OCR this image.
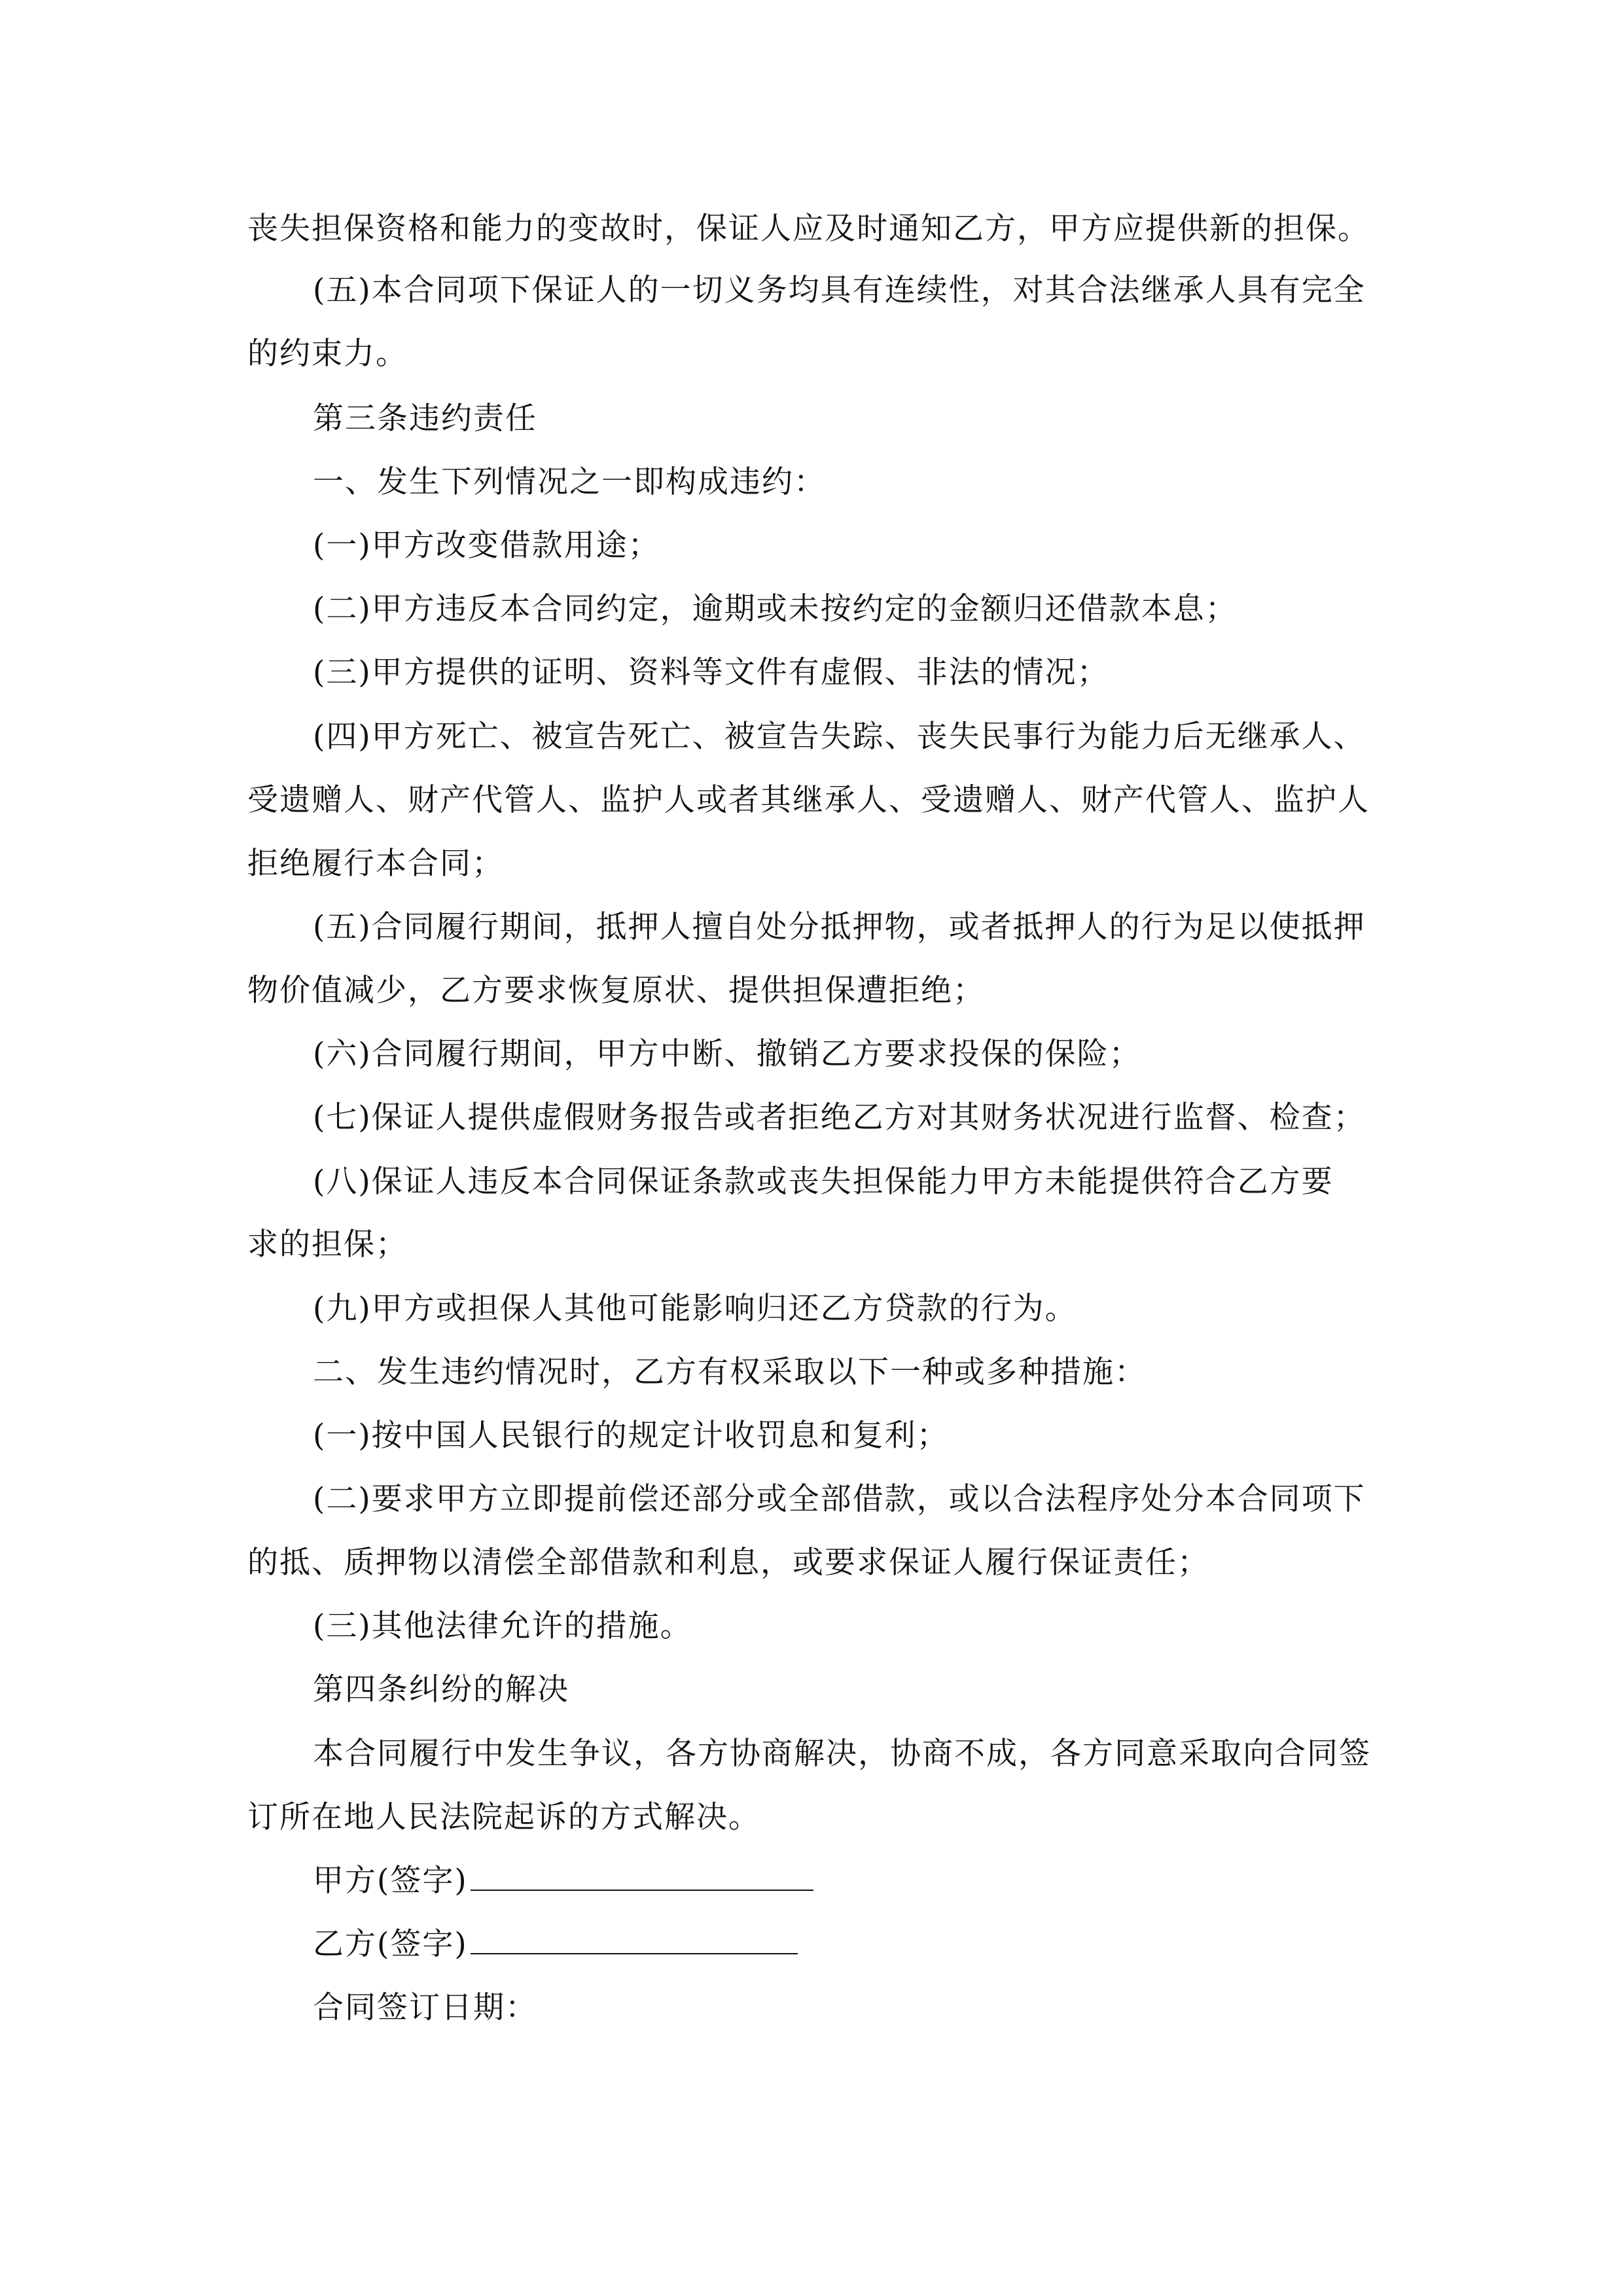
丧失担保资格和能力的变故时，保证人应及时通知乙方，甲方应提供新的担保。
(五)本合同项下保证人的一切义务均具有连续性，对其合法继承人具有完全
的约束力。
第三条违约责任
一、发生下列情况之一即构成违约：
(一)甲方改变借款用途；
(二)甲方违反本合同约定，逾期或未按约定的金额归还借款本息；
(三)甲方提供的证明、资料等文件有虚假、非法的情况；
(四)甲方死亡、被宣告死亡、被宣告失踪、丧失民事行为能力后无继承人、
受遗赠人、财产代管人、监护人或者其继承人、受遗赠人、财产代管人、监护人
拒绝履行本合同；
(五)合同履行期间，抵押人擅自处分抵押物，或者抵押人的行为足以使抵押
物价值减少，乙方要求恢复原状、提供担保遭拒绝；
(六)合同履行期间，甲方中断、撤销乙方要求投保的保险；
(七)保证人提供虚假财务报告或者拒绝乙方对其财务状况进行监督、检查；
(八)保证人违反本合同保证条款或丧失担保能力甲方未能提供符合乙方要
求的担保；
(九)甲方或担保人其他可能影响归还乙方贷款的行为。
二、发生违约情况时，乙方有权采取以下一种或多种措施：
(一)按中国人民银行的规定计收罚息和复利；
(二)要求甲方立即提前偿还部分或全部借款，或以合法程序处分本合同项下
的抵、质押物以清偿全部借款和利息，或要求保证人履行保证责任；
(三)其他法律允许的措施。
第四条纠纷的解决
本合同履行中发生争议，各方协商解决，协商不成，各方同意采取向合同签
订所在地人民法院起诉的方式解决。
甲方(签字)
乙方(签字)
合同签订日期：
